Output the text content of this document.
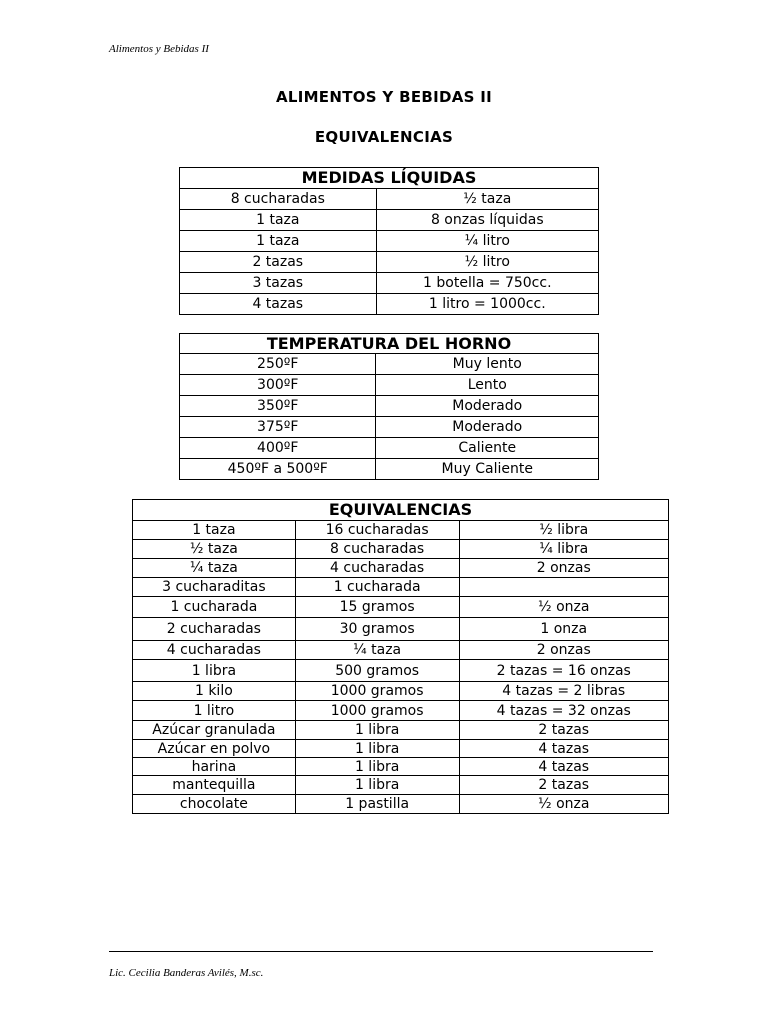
Alimentos y Bebidas II
ALIMENTOS Y BEBIDAS II
EQUIVALENCIAS
MEDIDAS LÍQUIDAS	
8 cucharadas	½ taza
1 taza	8 onzas líquidas
1 taza	¼ litro
2 tazas	½ litro
3 tazas	1 botella = 750cc.
4 tazas	1 litro = 1000cc.
TEMPERATURA DEL HORNO	
250ºF	Muy lento
300ºF	Lento
350ºF	Moderado
375ºF	Moderado
400ºF	Caliente
450ºF a 500ºF	Muy Caliente
EQUIVALENCIAS		
1 taza	16 cucharadas	½ libra
½ taza	8 cucharadas	¼ libra
¼ taza	4 cucharadas	2 onzas
3 cucharaditas	1 cucharada	
1 cucharada	15 gramos	½ onza
2 cucharadas	30 gramos	1 onza
4 cucharadas	¼ taza	2 onzas
1 libra	500 gramos	2 tazas = 16 onzas
1 kilo	1000 gramos	4 tazas = 2 libras
1 litro	1000 gramos	4 tazas = 32 onzas
Azúcar granulada	1 libra	2 tazas
Azúcar en polvo	1 libra	4 tazas
harina	1 libra	4 tazas
mantequilla	1 libra	2 tazas
chocolate	1 pastilla	½ onza
Lic. Cecilia Banderas Avilés, M.sc.
